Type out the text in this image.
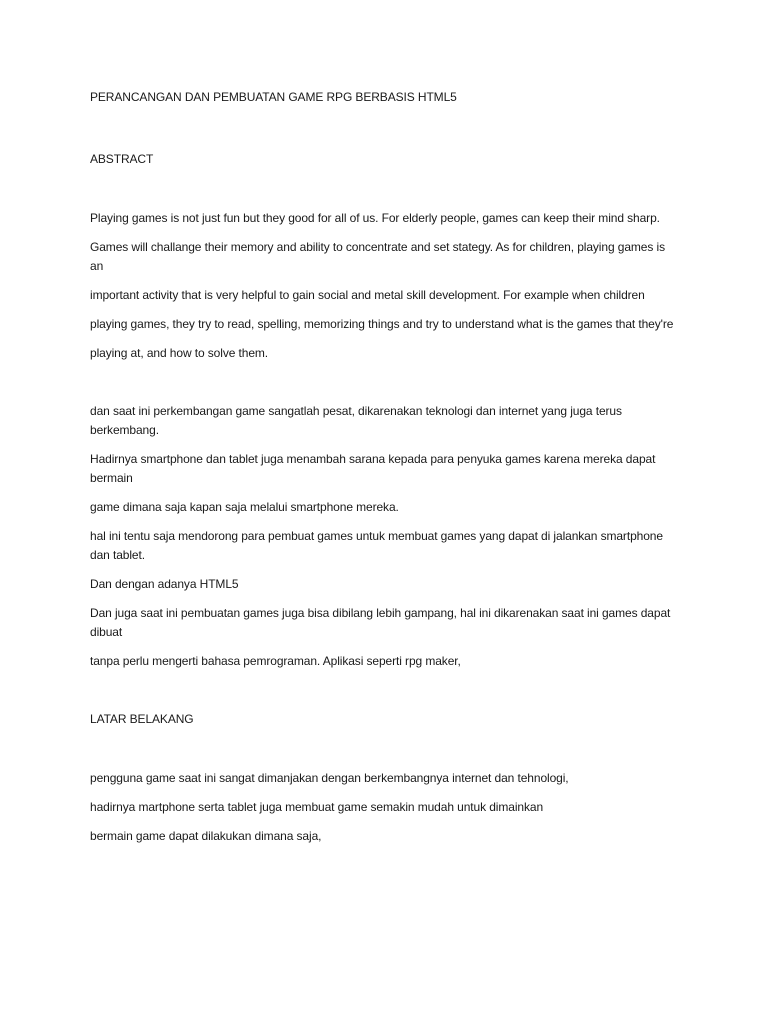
PERANCANGAN DAN PEMBUATAN GAME RPG BERBASIS HTML5

ABSTRACT

Playing games is not just fun but they good for all of us. For elderly people, games can keep their mind sharp.

Games will challange their memory and ability to concentrate and set stategy. As for children, playing games is an

important activity that is very helpful to gain social and metal skill development. For example when children

playing games, they try to read, spelling, memorizing things and try to understand what is the games that they're

playing at, and how to solve them.

dan saat ini perkembangan game sangatlah pesat, dikarenakan teknologi dan internet yang juga terus berkembang.

Hadirnya smartphone dan tablet juga menambah sarana kepada para penyuka games karena mereka dapat bermain

game dimana saja kapan saja melalui smartphone mereka.

hal ini tentu saja mendorong para pembuat games untuk membuat games yang dapat di jalankan smartphone dan tablet.

Dan dengan adanya HTML5

Dan juga saat ini pembuatan games juga bisa dibilang lebih gampang, hal ini dikarenakan saat ini games dapat dibuat

tanpa perlu mengerti bahasa pemrograman. Aplikasi seperti rpg maker,

LATAR BELAKANG

pengguna game saat ini sangat dimanjakan dengan berkembangnya internet dan tehnologi,

hadirnya martphone serta tablet juga membuat game semakin mudah untuk dimainkan

bermain game dapat dilakukan dimana saja,
